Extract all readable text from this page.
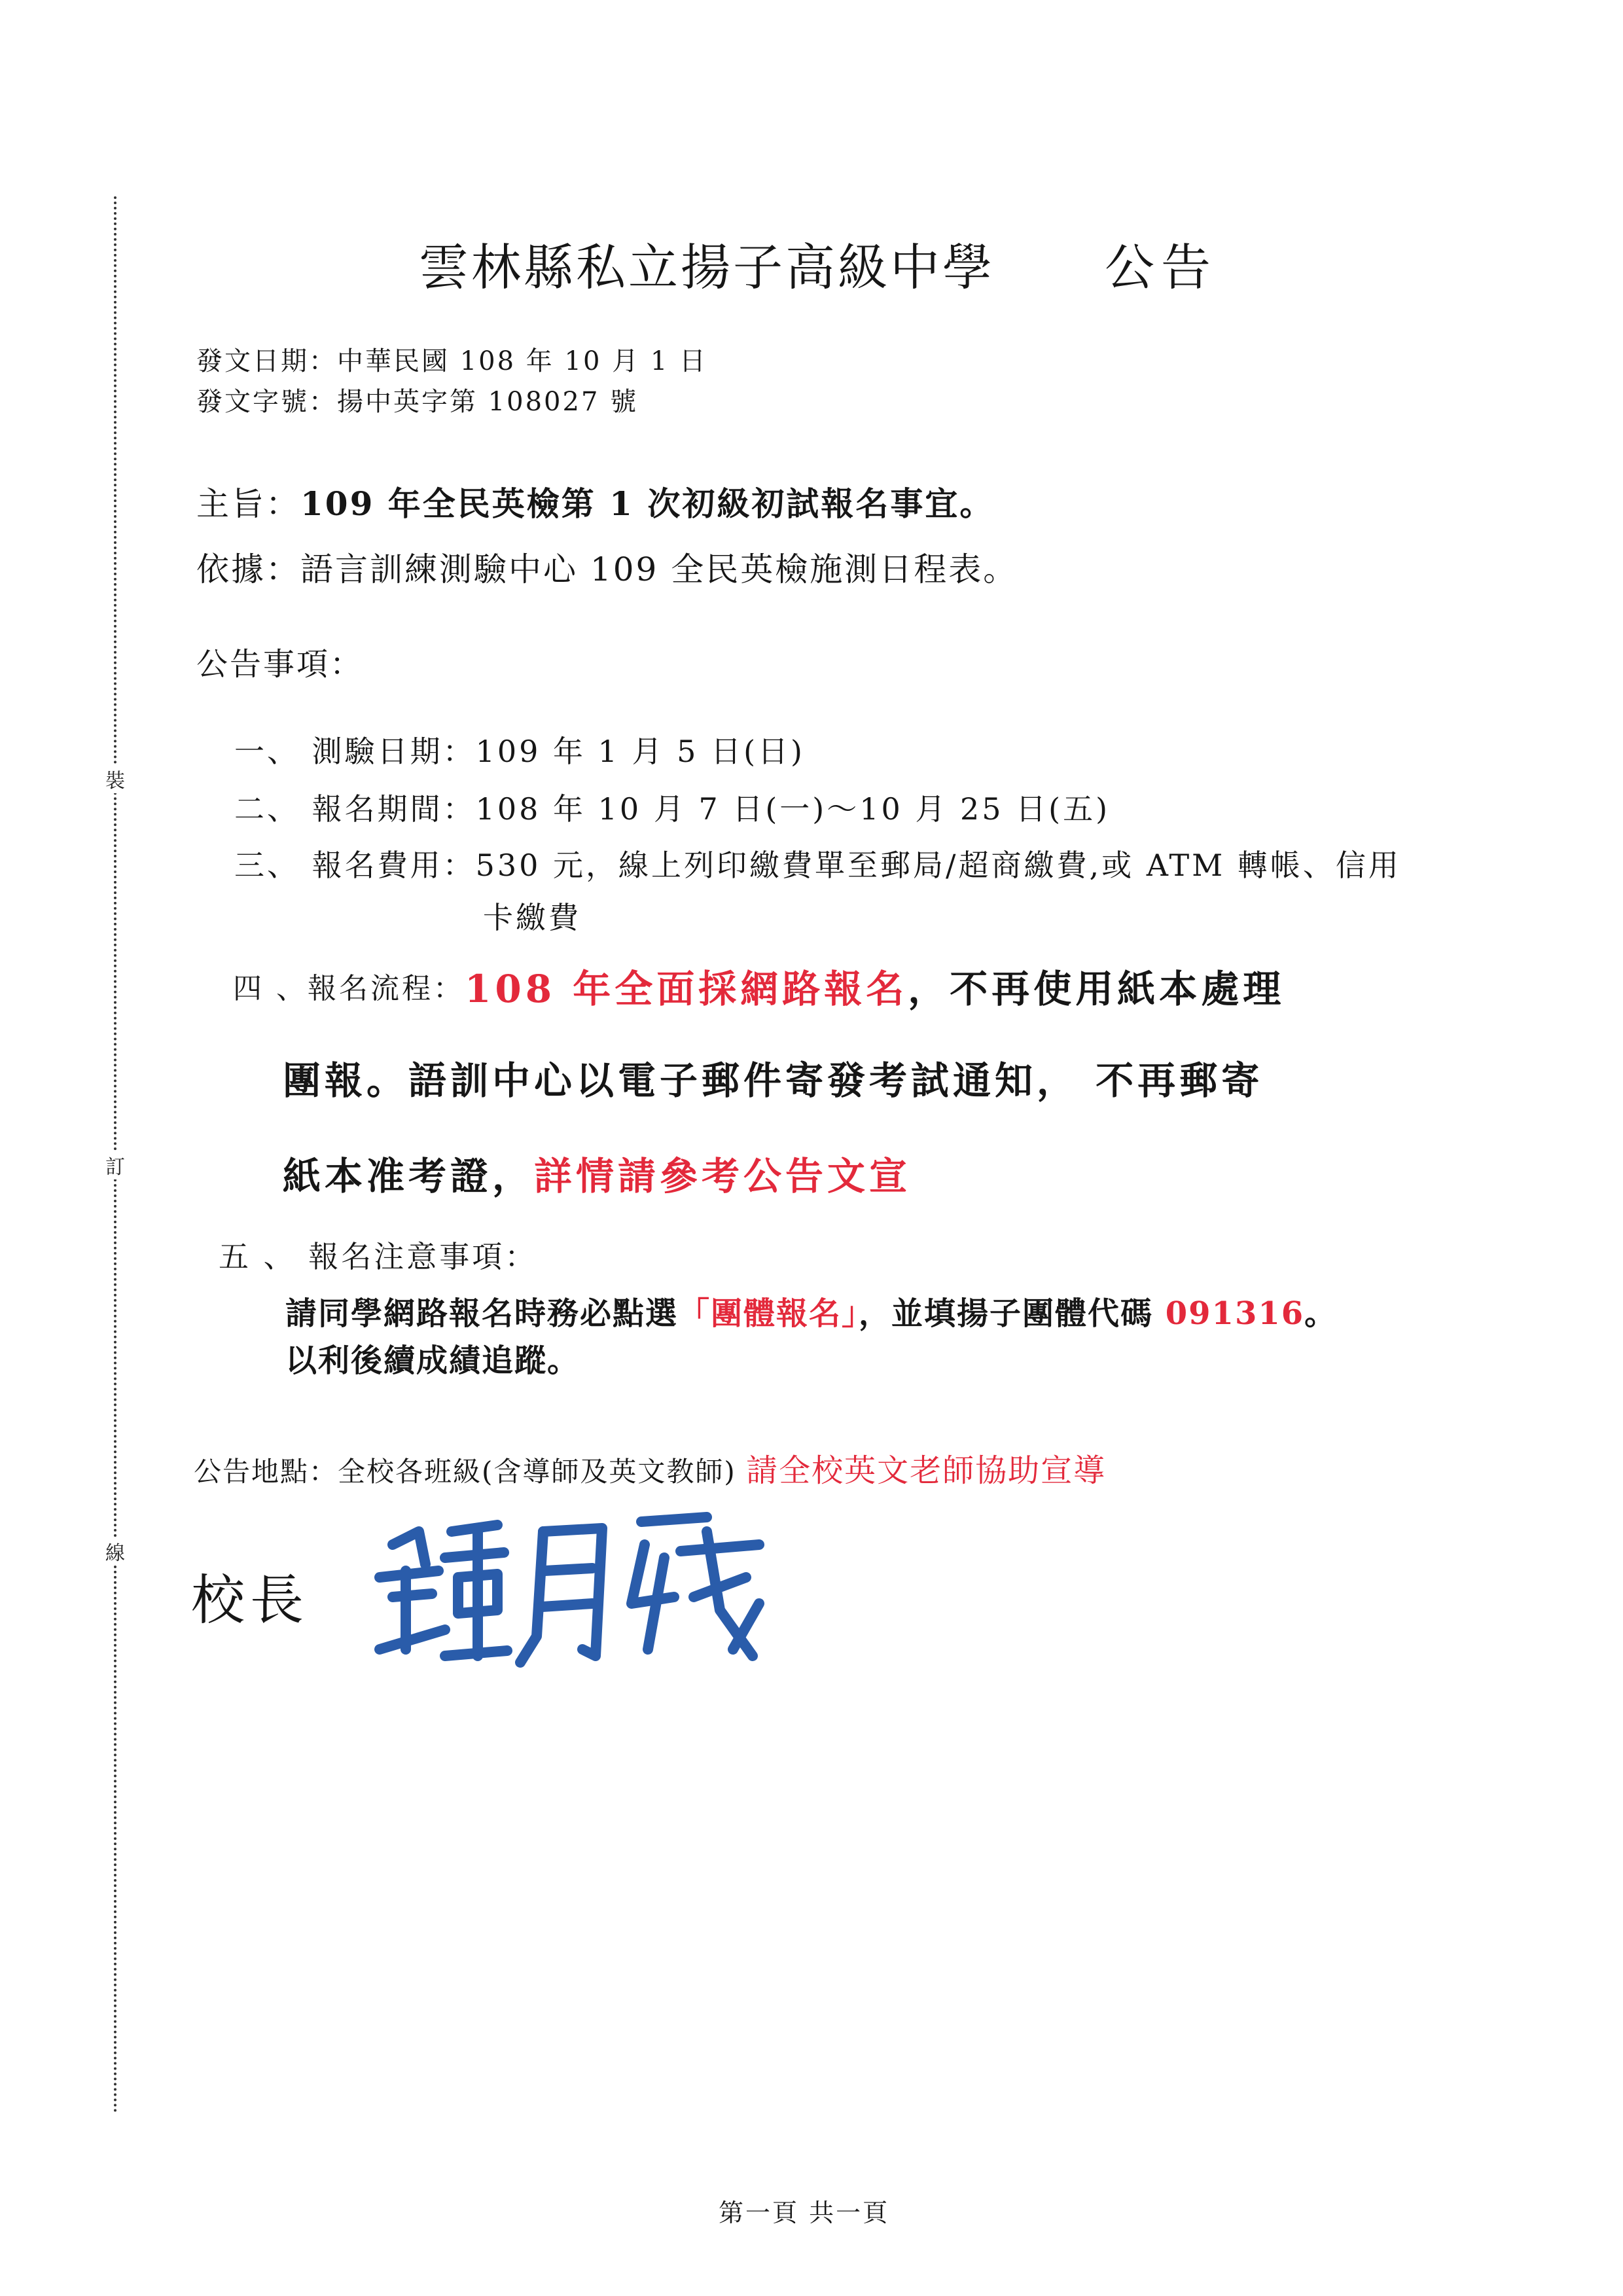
裝
訂
線
雲林縣私立揚子高級中學 公告
發文日期：中華民國 108 年 10 月 1 日
發文字號：揚中英字第 108027 號
主旨：109 年全民英檢第 1 次初級初試報名事宜。
依據：語言訓練測驗中心 109 全民英檢施測日程表。
公告事項：
一、 測驗日期：109 年 1 月 5 日(日)
二、 報名期間：108 年 10 月 7 日(一)～10 月 25 日(五)
三、 報名費用：530 元，線上列印繳費單至郵局/超商繳費,或 ATM 轉帳、信用
卡繳費
四 、報名流程：108 年全面採網路報名，不再使用紙本處理
團報。語訓中心以電子郵件寄發考試通知， 不再郵寄
紙本准考證，詳情請參考公告文宣
五 、 報名注意事項：
請同學網路報名時務必點選「團體報名」，並填揚子團體代碼 091316。
以利後續成績追蹤。
公告地點：全校各班級(含導師及英文教師) 請全校英文老師協助宣導
校長
第一頁 共一頁
